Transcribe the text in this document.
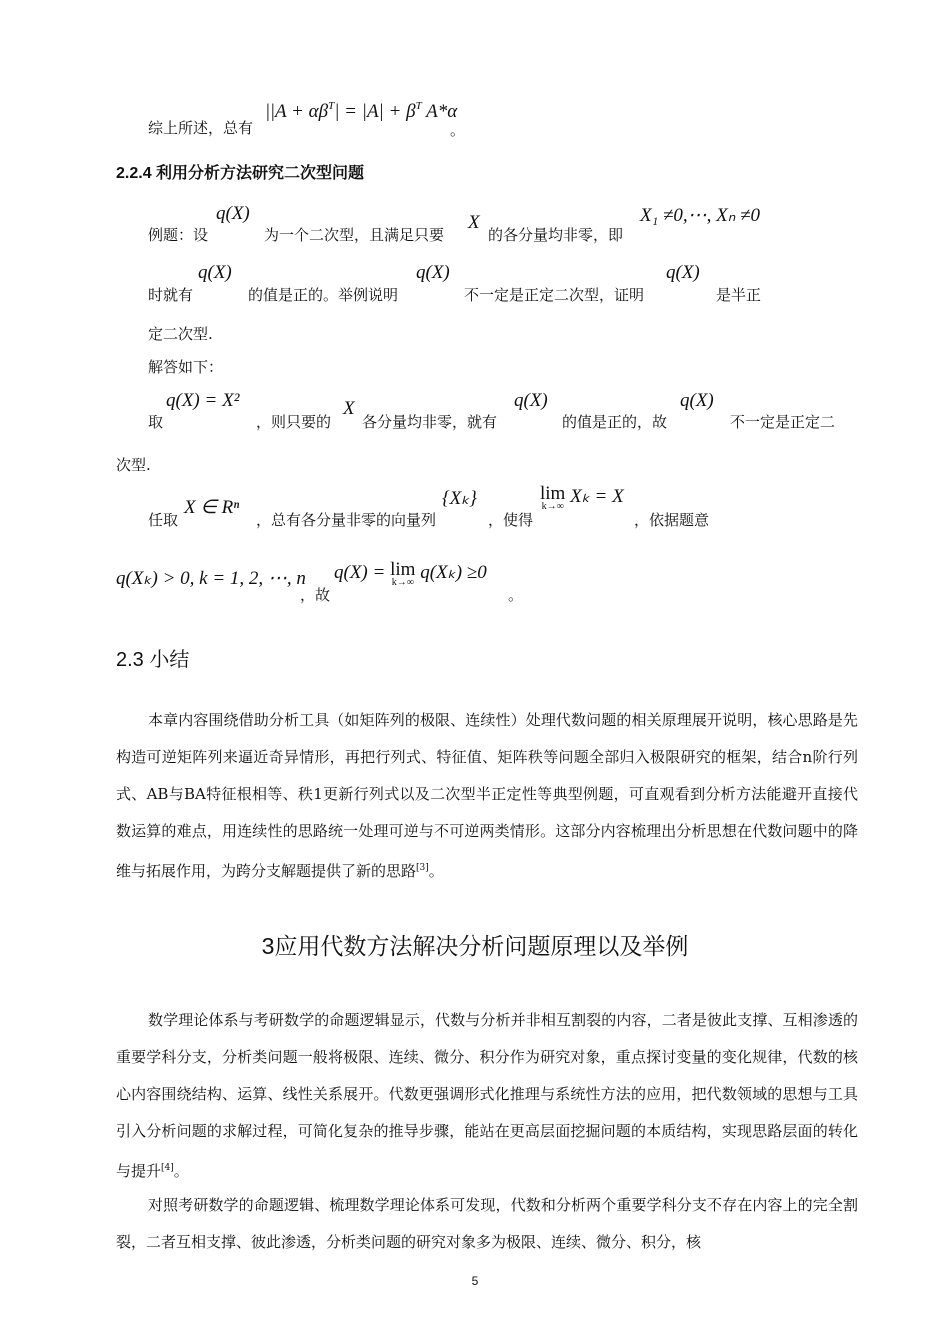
综上所述，总有
$||A + \alpha\beta^T| = |A| + \beta^T$ A*α
。
2.2.4 利用分析方法研究二次型问题
例题：设
q(X)
为一个二次型，且满足只要
X
的各分量均非零，即
X₁ ≠0,⋯, Xₙ ≠0
时就有
q(X)
的值是正的。举例说明
q(X)
不一定是正定二次型，证明
q(X)
是半正
定二次型.
解答如下：
取
q(X) = X²
，则只要的
X
各分量均非零，就有
q(X)
的值是正的，故
q(X)
不一定是正定二
次型.
任取
X ∈ Rⁿ
，总有各分量非零的向量列
{Xₖ}
，使得
lim
k→∞ Xₖ = X
，依据题意
q(Xₖ) > 0, k = 1, 2, ⋯, n
，故
q(X) = lim
k→∞ q(Xₖ) ≥0
。
2.3 小结

本章内容围绕借助分析工具（如矩阵列的极限、连续性）处理代数问题的相关原理展开说明，核心思路是先构造可逆矩阵列来逼近奇异情形，再把行列式、特征值、矩阵秩等问题全部归入极限研究的框架，结合n阶行列式、AB与BA特征根相等、秩1更新行列式以及二次型半正定性等典型例题，可直观看到分析方法能避开直接代数运算的难点，用连续性的思路统一处理可逆与不可逆两类情形。这部分内容梳理出分析思想在代数问题中的降维与拓展作用，为跨分支解题提供了新的思路[3]。

3应用代数方法解决分析问题原理以及举例

数学理论体系与考研数学的命题逻辑显示，代数与分析并非相互割裂的内容，二者是彼此支撑、互相渗透的重要学科分支，分析类问题一般将极限、连续、微分、积分作为研究对象，重点探讨变量的变化规律，代数的核心内容围绕结构、运算、线性关系展开。代数更强调形式化推理与系统性方法的应用，把代数领域的思想与工具引入分析问题的求解过程，可简化复杂的推导步骤，能站在更高层面挖掘问题的本质结构，实现思路层面的转化与提升[4]。

对照考研数学的命题逻辑、梳理数学理论体系可发现，代数和分析两个重要学科分支不存在内容上的完全割裂，二者互相支撑、彼此渗透，分析类问题的研究对象多为极限、连续、微分、积分，核

5
